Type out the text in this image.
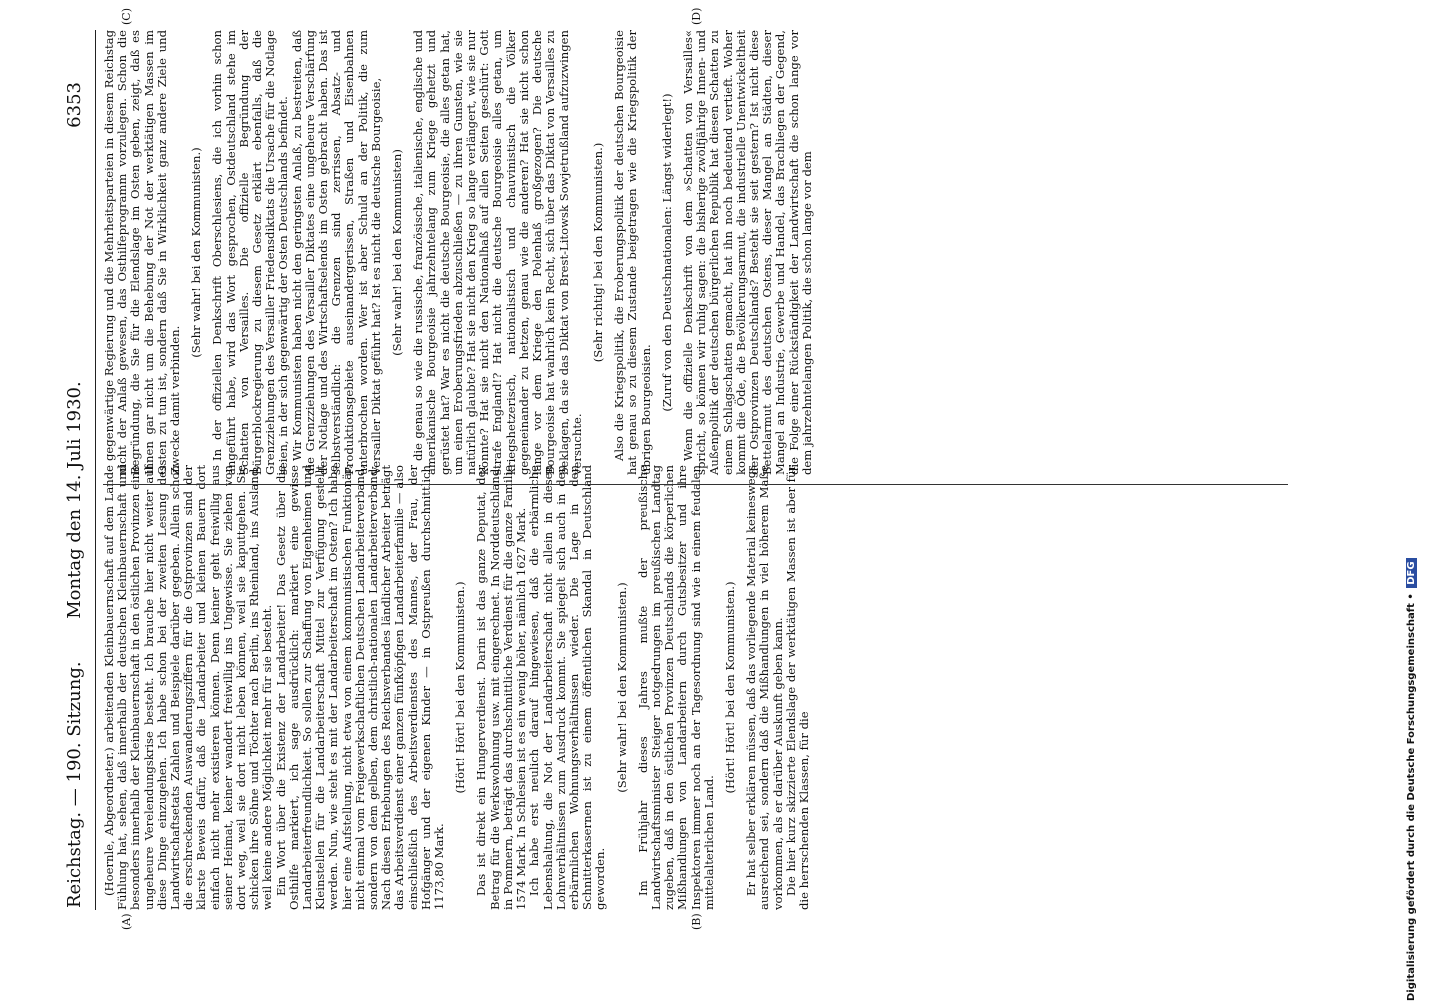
Reichstag. — 190. Sitzung.
Montag den 14. Juli 1930.
6353
(A)	(B)
(C)	(D)

(Hoernle, Abgeordneter.) arbeitenden Kleinbauernschaft auf dem Lande Fühlung hat, sehen, daß innerhalb der deutschen Kleinbauernschaft und besonders innerhalb der Kleinbauernschaft in den östlichen Provinzen eine ungeheure Verelendungskrise besteht. Ich brauche hier nicht weiter auf diese Dinge einzugehen. Ich habe schon bei der zweiten Lesung des Landwirtschaftsetats Zahlen und Beispiele darüber gegeben. Allein schon die erschreckenden Auswanderungsziffern für die Ostprovinzen sind der klarste Beweis dafür, daß die Landarbeiter und kleinen Bauern dort einfach nicht mehr existieren können. Denn keiner geht freiwillig aus seiner Heimat, keiner wandert freiwillig ins Ungewisse. Sie ziehen von dort weg, weil sie dort nicht leben können, weil sie kaputtgehen. Sie schicken ihre Söhne und Töchter nach Berlin, ins Rheinland, ins Ausland, weil keine andere Möglichkeit mehr für sie besteht. Ein Wort über die Existenz der Landarbeiter! Das Gesetz über die Osthilfe markiert, ich sage ausdrücklich: markiert eine gewisse Landarbeiterfreundlichkeit. So sollen zur Schaffung von Eigenheimen und Kleinstellen für die Landarbeiterschaft Mittel zur Verfügung gestellt werden. Nun, wie steht es mit der Landarbeiterschaft im Osten? Ich habe hier eine Aufstellung, nicht etwa von einem kommunistischen Funktionär, nicht einmal vom Freigewerkschaftlichen Deutschen Landarbeiterverband, sondern von dem gelben, dem christlich-nationalen Landarbeiterverband. Nach diesen Erhebungen des Reichsverbandes ländlicher Arbeiter beträgt das Arbeitsverdienst einer ganzen fünfköpfigen Landarbeiterfamilie — also einschließlich des Arbeitsverdienstes des Mannes, der Frau, der Hofgänger und der eigenen Kinder — in Ostpreußen durchschnittlich 1173,80 Mark.

(Hört! Hört! bei den Kommunisten.) Das ist direkt ein Hungerverdienst. Darin ist das ganze Deputat, der Betrag für die Werkswohnung usw. mit eingerechnet. In Norddeutschland, in Pommern, beträgt das durchschnittliche Verdienst für die ganze Familie 1574 Mark. In Schlesien ist es ein wenig höher, nämlich 1627 Mark. Ich habe erst neulich darauf hingewiesen, daß die erbärmliche Lebenshaltung, die Not der Landarbeiterschaft nicht allein in diesen Lohnverhältnissen zum Ausdruck kommt. Sie spiegelt sich auch in den erbärmlichen Wohnungsverhältnissen wieder. Die Lage in den Schnitterkasernen ist zu einem öffentlichen Skandal in Deutschland geworden.

(Sehr wahr! bei den Kommunisten.) Im Frühjahr dieses Jahres mußte der preußische Landwirtschaftsminister Steiger notgedrungen im preußischen Landtag zugeben, daß in den östlichen Provinzen Deutschlands die körperlichen Mißhandlungen von Landarbeitern durch Gutsbesitzer und ihre Inspektoren immer noch an der Tagesordnung sind wie in einem feudalen mittelalterlichen Land.

(Hört! Hört! bei den Kommunisten.) Er hat selber erklären müssen, daß das vorliegende Material keineswegs ausreichend sei, sondern daß die Mißhandlungen in viel höherem Maße vorkommen, als er darüber Auskunft geben kann. Die hier kurz skizzierte Elendslage der werktätigen Massen ist aber für die herrschenden Klassen, für die

gegenwärtige Regierung und die Mehrheitsparteien in diesem Reichstag nicht der Anlaß gewesen, das Osthilfeprogramm vorzulegen. Schon die Begründung, die Sie für die Elendslage im Osten geben, zeigt, daß es Ihnen gar nicht um die Behebung der Not der werktätigen Massen im Osten zu tun ist, sondern daß Sie in Wirklichkeit ganz andere Ziele und Zwecke damit verbinden.

(Sehr wahr! bei den Kommunisten.) In der offiziellen Denkschrift Oberschlesiens, die ich vorhin schon angeführt habe, wird das Wort gesprochen, Ostdeutschland stehe im Schatten von Versailles. Die offizielle Begründung der Bürgerblockregierung zu diesem Gesetz erklärt ebenfalls, daß die Grenzziehungen des Versailler Friedensdiktats die Ursache für die Notlage seien, in der sich gegenwärtig der Osten Deutschlands befindet. Wir Kommunisten haben nicht den geringsten Anlaß, zu bestreiten, daß die Grenzziehungen des Versailler Diktates eine ungeheure Verschärfung der Notlage und des Wirtschaftselends im Osten gebracht haben. Das ist selbstverständlich: die Grenzen sind zerrissen, Absatz- und Produktionsgebiete auseinandergerissen, Straßen und Eisenbahnen unterbrochen worden. Wer ist aber Schuld an der Politik, die zum Versailler Diktat geführt hat? Ist es nicht die deutsche Bourgeoisie, (Sehr wahr! bei den Kommunisten) die genau so wie die russische, französische, italienische, englische und amerikanische Bourgeoisie jahrzehntelang zum Kriege gehetzt und gerüstet hat? War es nicht die deutsche Bourgeoisie, die alles getan hat, um einen Eroberungsfrieden abzuschließen — zu ihren Gunsten, wie sie natürlich glaubte? Hat sie nicht den Krieg so lange verlängert, wie sie nur konnte? Hat sie nicht den Nationalhaß auf allen Seiten geschürt: Gott strafe England!? Hat nicht die deutsche Bourgeoisie alles getan, um kriegshetzerisch, nationalistisch und chauvinistisch die Völker gegeneinander zu hetzen, genau wie die anderen? Hat sie nicht schon lange vor dem Kriege den Polenhaß großgezogen? Die deutsche Bourgeoisie hat wahrlich kein Recht, sich über das Diktat von Versailles zu beklagen, da sie das Diktat von Brest-Litowsk Sowjetrußland aufzuzwingen versuchte.

(Sehr richtig! bei den Kommunisten.) Also die Kriegspolitik, die Eroberungspolitik der deutschen Bourgeoisie hat genau so zu diesem Zustande beigetragen wie die Kriegspolitik der übrigen Bourgeoisien. (Zuruf von den Deutschnationalen: Längst widerlegt!) Wenn die offizielle Denkschrift von dem »Schatten von Versailles« spricht, so können wir ruhig sagen: die bisherige zwölfjährige Innen- und Außenpolitik der deutschen bürgerlichen Republik hat diesen Schatten zu einem Schlagschatten gemacht, hat ihn noch bedeutend vertieft. Woher kommt die Öde, die Bevölkerungsarmut, die industrielle Unentwickeltheit der Ostprovinzen Deutschlands? Besteht sie seit gestern? Ist nicht diese Bettelarmut des deutschen Ostens, dieser Mangel an Städten, dieser Mangel an Industrie, Gewerbe und Handel, das Brachliegen der Gegend, die Folge einer Rückständigkeit der Landwirtschaft die schon lange vor dem jahrzehntelangen Politik, die schon lange vor dem

Digitalisierung gefördert durch die Deutsche Forschungsgemeinschaft • DFG
